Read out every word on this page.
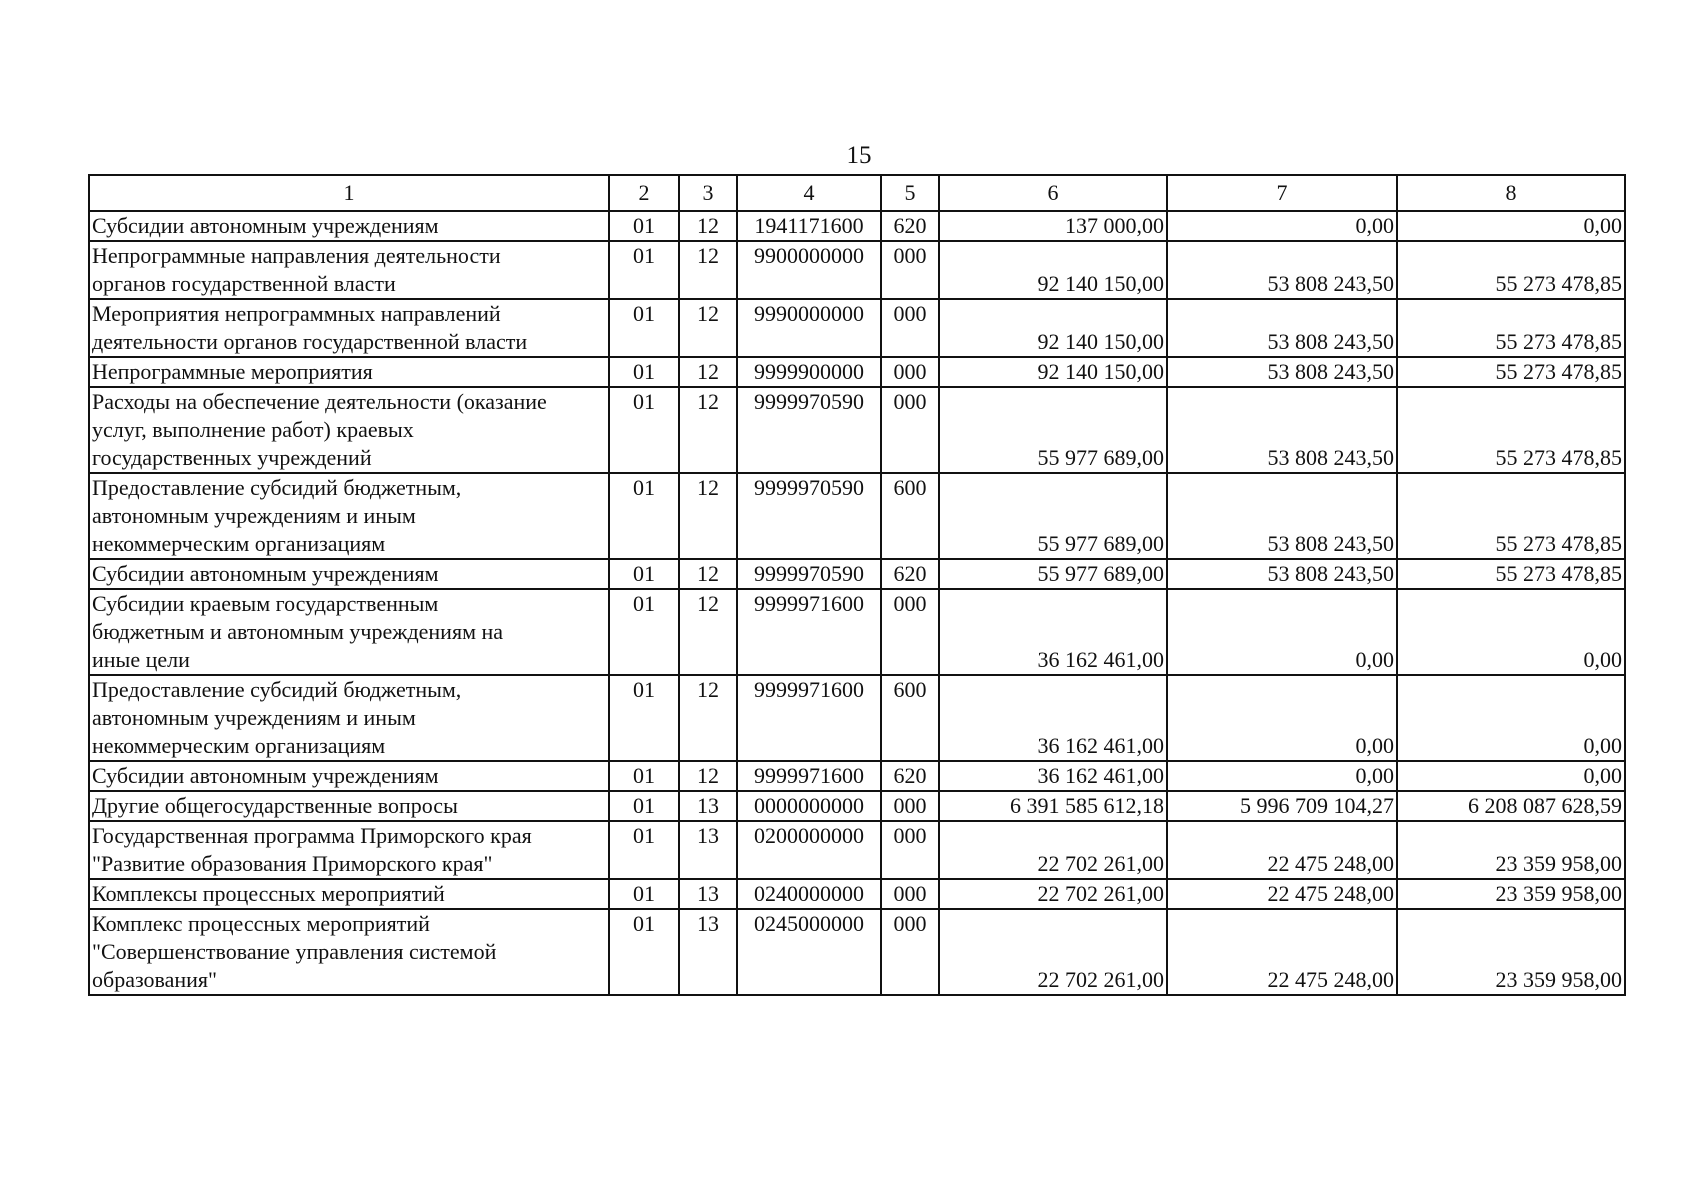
15
1	2	3	4	5	6	7	8

Субсидии автономным учреждениям	01	12	1941171600	620	137 000,00	0,00	0,00

Непрограммные направления деятельности
органов государственной власти	01	12	9900000000	000	92 140 150,00	53 808 243,50	55 273 478,85

Мероприятия непрограммных направлений
деятельности органов государственной власти	01	12	9990000000	000	92 140 150,00	53 808 243,50	55 273 478,85

Непрограммные мероприятия	01	12	9999900000	000	92 140 150,00	53 808 243,50	55 273 478,85

Расходы на обеспечение деятельности (оказание
услуг, выполнение работ) краевых
государственных учреждений	01	12	9999970590	000	55 977 689,00	53 808 243,50	55 273 478,85

Предоставление субсидий бюджетным,
автономным учреждениям и иным
некоммерческим организациям	01	12	9999970590	600	55 977 689,00	53 808 243,50	55 273 478,85

Субсидии автономным учреждениям	01	12	9999970590	620	55 977 689,00	53 808 243,50	55 273 478,85

Субсидии краевым государственным
бюджетным и автономным учреждениям на
иные цели	01	12	9999971600	000	36 162 461,00	0,00	0,00

Предоставление субсидий бюджетным,
автономным учреждениям и иным
некоммерческим организациям	01	12	9999971600	600	36 162 461,00	0,00	0,00

Субсидии автономным учреждениям	01	12	9999971600	620	36 162 461,00	0,00	0,00

Другие общегосударственные вопросы	01	13	0000000000	000	6 391 585 612,18	5 996 709 104,27	6 208 087 628,59

Государственная программа Приморского края
"Развитие образования Приморского края"	01	13	0200000000	000	22 702 261,00	22 475 248,00	23 359 958,00

Комплексы процессных мероприятий	01	13	0240000000	000	22 702 261,00	22 475 248,00	23 359 958,00

Комплекс процессных мероприятий
"Совершенствование управления системой
образования"	01	13	0245000000	000	22 702 261,00	22 475 248,00	23 359 958,00
